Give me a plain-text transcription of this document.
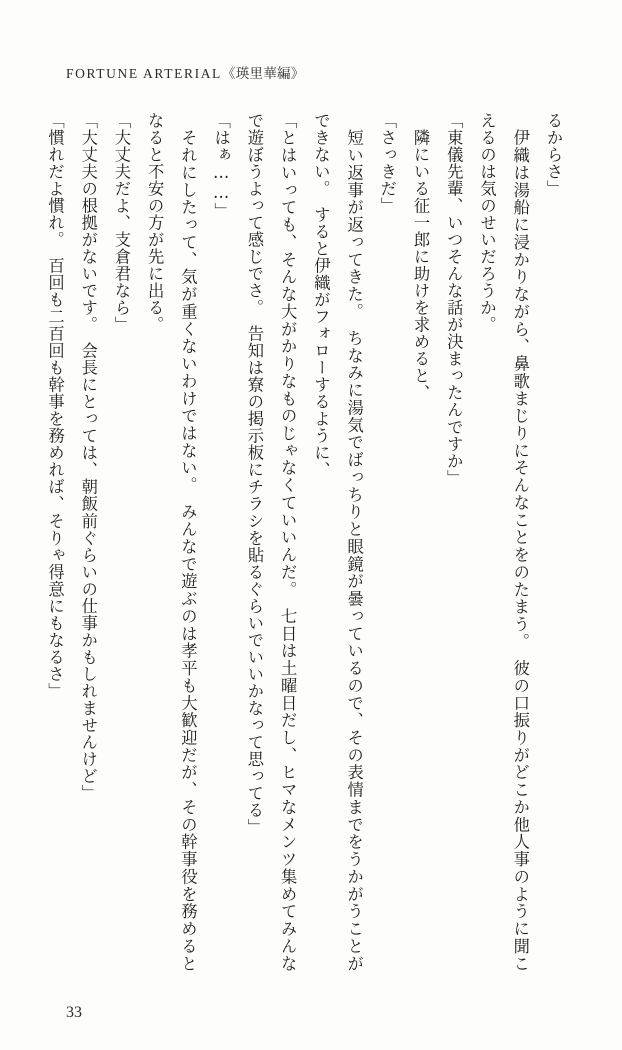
FORTUNE ARTERIAL《瑛里華編》

るからさ」

　伊織は湯船に浸かりながら、鼻歌まじりにそんなことをのたまう。　彼の口振りがどこか他人事のように聞こえるのは気のせいだろうか。

「東儀先輩、いつそんな話が決まったんですか」

　隣にいる征一郎に助けを求めると、

「さっきだ」

　短い返事が返ってきた。　ちなみに湯気でばっちりと眼鏡が曇っているので、その表情までをうかがうことができない。　すると伊織がフォローするように、

「とはいっても、そんな大がかりなものじゃなくていいんだ。　七日は土曜日だし、ヒマなメンツ集めてみんなで遊ぼうよって感じでさ。　告知は寮の掲示板にチラシを貼るぐらいでいいかなって思ってる」

「はぁ……」

　それにしたって、気が重くないわけではない。　みんなで遊ぶのは孝平も大歓迎だが、その幹事役を務めるとなると不安の方が先に出る。

「大丈夫だよ、支倉君なら」

「大丈夫の根拠がないです。　会長にとっては、朝飯前ぐらいの仕事かもしれませんけど」

「慣れだよ慣れ。　百回も二百回も幹事を務めれば、そりゃ得意にもなるさ」

33
